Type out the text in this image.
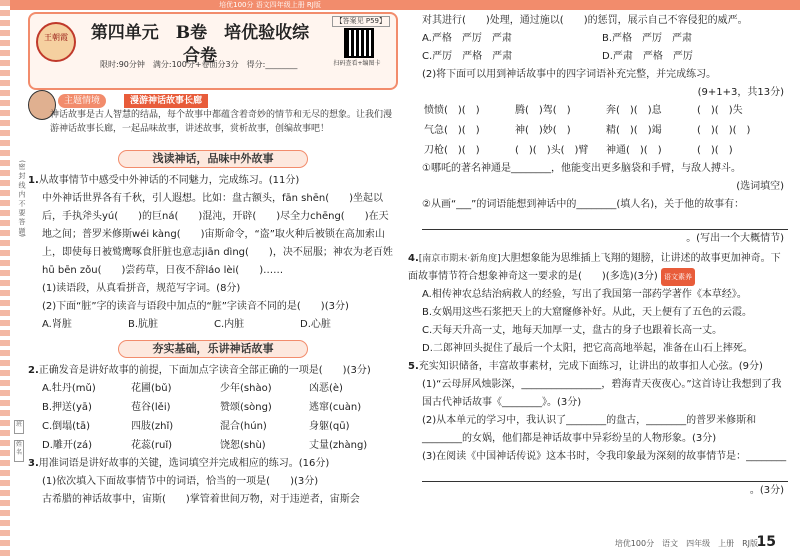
培优100分 语文四年级上册 RJ版
(密 封 线 内 不 要 答 题)
班
姓名
王朝霞	第四单元　B卷　培优验收综合卷
【答案见 P59】
扫码查看+编图卡
限时:90分钟　满分:100分+卷面分3分　得分:________
主题情境	漫游神话故事长廊
神话故事是古人智慧的结晶，每个故事中都蕴含着奇妙的情节和无尽的想象。让我们漫游神话故事长廊，一起品味故事，讲述故事，赏析故事，创编故事吧！
浅读神话，品味中外故事
1.从故事情节中感受中外神话的不同魅力，完成练习。(11分)
中外神话世界各有千秋，引人遐想。比如：盘古额头，fān shēn(　　)坐起以后，手执斧头yú(　　)的巨ná(　　)混沌，开辟(　　)尽全力chēng(　　)在天地之间；普罗米修斯wéi kàng(　　)宙斯命令，“盗”取火种后被锁在高加索山上，即使每日被鹫鹰啄食肝脏也意志jiān dìng(　　)，决不屈服；神农为老百姓hū bēn zǒu(　　)尝药草，日夜不辞láo lèi(　　)……
(1)读语段，从真看拼音，规范写字词。(8分)
(2)下面“脏”字的读音与语段中加点的“脏”字读音不同的是(　　)(3分)
A.肾脏	B.肮脏	C.内脏	D.心脏
夯实基础，乐讲神话故事
2.正确发音是讲好故事的前提，下面加点字读音全部正确的一项是(　　)(3分)
A.牡丹(mǔ)	花圃(bǔ)	少年(shào)	凶恶(è)
B.押送(yā)	苞谷(lěi)	赞颂(sòng)	逃窜(cuàn)
C.倒塌(tā)	四肢(zhǐ)	混合(hún)	身躯(qū)
D.雕开(zá)	花蕊(ruǐ)	饶恕(shù)	丈量(zhàng)
3.用准词语是讲好故事的关键，选词填空并完成相应的练习。(16分)
(1)依次填入下面故事情节中的词语，恰当的一项是(　　)(3分)
古希腊的神话故事中，宙斯(　　)掌管着世间万物，对于违逆者，宙斯会
对其进行(　　)处理，通过施以(　　)的惩罚，展示自己不容侵犯的威严。
A.严格　严厉　严肃	B.严格　严厉　严肃
C.严厉　严格　严肃	D.严肃　严格　严厉
(2)将下面可以用到神话故事中的四字词语补充完整，并完成练习。
(9+1+3，共13分)
愤愤(　)(　)	腾(　)驾(　)	奔(　)(　)息	(　)(　)失
气急(　)(　)	神(　)妙(　)	精(　)(　)竭	(　)(　)(　)
刀枪(　)(　)	(　)(　)头(　)臂	神通(　)(　)	(　)(　)
①哪吒的著名神通是________，他能变出更多脑袋和手臂，与敌人搏斗。
(选词填空)
②从画“___”的词语能想到神话中的________(填人名)，关于他的故事有：
。(写出一个大概情节)
4.[南京市期末·新角度]大胆想象能为思维插上飞翔的翅膀，让讲述的故事更加神奇。下面故事情节符合想象神奇这一要求的是(　　)(多选)(3分) 语文素养
A.相传神农总结治病救人的经验，写出了我国第一部药学著作《本草经》。
B.女娲用这些石浆把天上的大窟窿修补好。从此，天上便有了五色的云霞。
C.天每天升高一丈，地每天加厚一丈，盘古的身子也跟着长高一丈。
D.二郎神回头捉住了最后一个太阳，把它高高地举起，准备在山石上摔死。
5.充实知识储备，丰富故事素材，完成下面练习，让讲出的故事扣人心弦。(9分)
(1)“云母屏风烛影深，________________，碧海青天夜夜心。”这首诗让我想到了我国古代神话故事《________》。(3分)
(2)从本单元的学习中，我认识了________的盘古，________的普罗米修斯和________的女娲，他们都是神话故事中异彩纷呈的人物形象。(3分)
(3)在阅读《中国神话传说》这本书时，令我印象最为深刻的故事情节是：________
。(3分)
培优100分　语文　四年级　上册　RJ版
15
